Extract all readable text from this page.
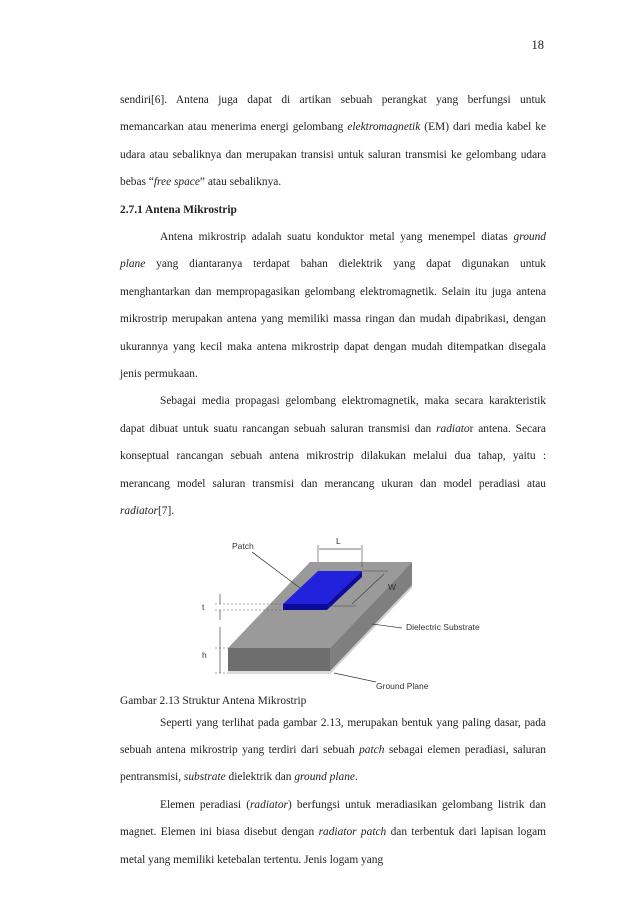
18

sendiri[6]. Antena juga dapat di artikan sebuah perangkat yang berfungsi untuk memancarkan atau menerima energi gelombang elektromagnetik (EM) dari media kabel ke udara atau sebaliknya dan merupakan transisi untuk saluran transmisi ke gelombang udara bebas “free space” atau sebaliknya.

2.7.1 Antena Mikrostrip

Antena mikrostrip adalah suatu konduktor metal yang menempel diatas ground plane yang diantaranya terdapat bahan dielektrik yang dapat digunakan untuk menghantarkan dan mempropagasikan gelombang elektromagnetik. Selain itu juga antena mikrostrip merupakan antena yang memiliki massa ringan dan mudah dipabrikasi, dengan ukurannya yang kecil maka antena mikrostrip dapat dengan mudah ditempatkan disegala jenis permukaan.

Sebagai media propagasi gelombang elektromagnetik, maka secara karakteristik dapat dibuat untuk suatu rancangan sebuah saluran transmisi dan radiator antena. Secara konseptual rancangan sebuah antena mikrostrip dilakukan melalui dua tahap, yaitu : merancang model saluran transmisi dan merancang ukuran dan model peradiasi atau radiator[7].

Patch	L
W
t
h
Dielectric Substrate
Ground Plane

Gambar 2.13 Struktur Antena Mikrostrip

Seperti yang terlihat pada gambar 2.13, merupakan bentuk yang paling dasar, pada sebuah antena mikrostrip yang terdiri dari sebuah patch sebagai elemen peradiasi, saluran pentransmisi, substrate dielektrik dan ground plane.

Elemen peradiasi (radiator) berfungsi untuk meradiasikan gelombang listrik dan magnet. Elemen ini biasa disebut dengan radiator patch dan terbentuk dari lapisan logam metal yang memiliki ketebalan tertentu. Jenis logam yang
